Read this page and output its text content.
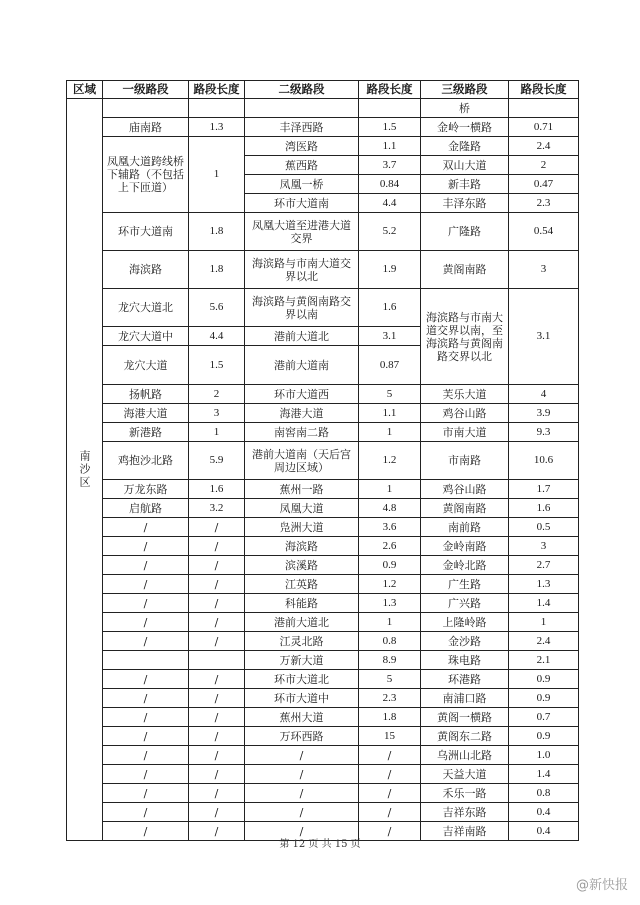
区域	一级路段	路段长度	二级路段	路段长度	三级路段	路段长度
南沙区					桥	
	庙南路	1.3	丰泽西路	1.5	金岭一横路	0.71
	凤凰大道跨线桥下辅路（不包括上下匝道）	1	湾医路	1.1	金隆路	2.4
			蕉西路	3.7	双山大道	2
			凤凰一桥	0.84	新丰路	0.47
			环市大道南	4.4	丰泽东路	2.3
	环市大道南	1.8	凤凰大道至进港大道交界	5.2	广隆路	0.54
	海滨路	1.8	海滨路与市南大道交界以北	1.9	黄阁南路	3
	龙穴大道北	5.6	海滨路与黄阁南路交界以南	1.6	海滨路与市南大道交界以南，至海滨路与黄阁南路交界以北	3.1
	龙穴大道中	4.4	港前大道北	3.1		
	龙穴大道	1.5	港前大道南	0.87		
	扬帆路	2	环市大道西	5	芙乐大道	4
	海港大道	3	海港大道	1.1	鸡谷山路	3.9
	新港路	1	南窖南二路	1	市南大道	9.3
	鸡抱沙北路	5.9	港前大道南（天后宫周边区域）	1.2	市南路	10.6
	万龙东路	1.6	蕉州一路	1	鸡谷山路	1.7
	启航路	3.2	凤凰大道	4.8	黄阁南路	1.6
	/	/	凫洲大道	3.6	南前路	0.5
	/	/	海滨路	2.6	金岭南路	3
	/	/	滨溪路	0.9	金岭北路	2.7
	/	/	江英路	1.2	广生路	1.3
	/	/	科能路	1.3	广兴路	1.4
	/	/	港前大道北	1	上隆岭路	1
	/	/	江灵北路	0.8	金沙路	2.4
			万新大道	8.9	珠电路	2.1
	/	/	环市大道北	5	环港路	0.9
	/	/	环市大道中	2.3	南浦口路	0.9
	/	/	蕉州大道	1.8	黄阁一横路	0.7
	/	/	万环西路	15	黄阁东二路	0.9
	/	/	/	/	乌洲山北路	1.0
	/	/	/	/	天益大道	1.4
	/	/	/	/	禾乐一路	0.8
	/	/	/	/	吉祥东路	0.4
	/	/	/	/	吉祥南路	0.4
第 12 页 共 15 页
@新快报
